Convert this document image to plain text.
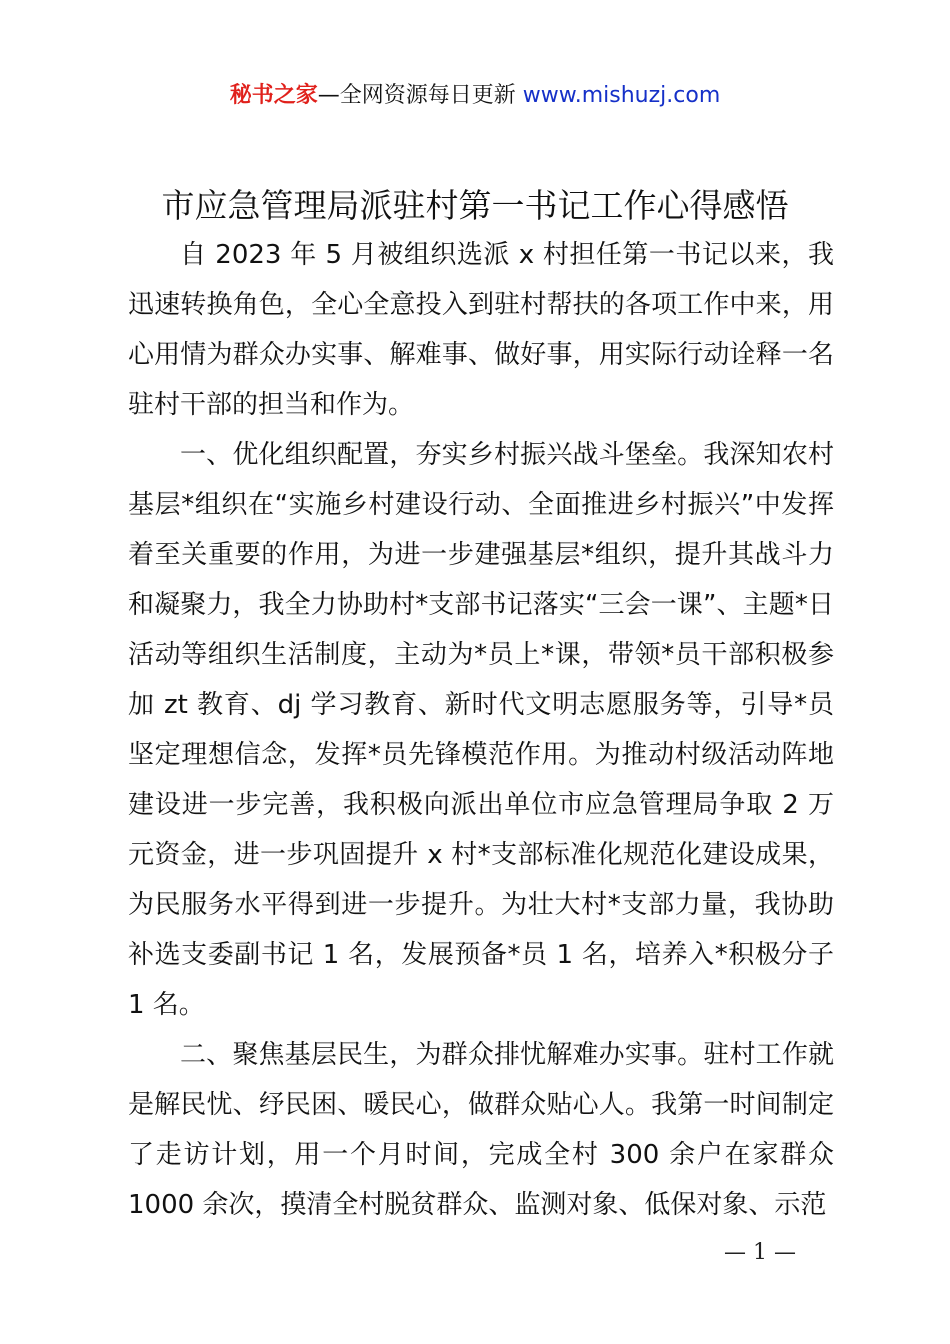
秘书之家—全网资源每日更新 www.mishuzj.com
市应急管理局派驻村第一书记工作心得感悟

自 2023 年 5 月被组织选派 x 村担任第一书记以来，我迅速转换角色，全心全意投入到驻村帮扶的各项工作中来，用心用情为群众办实事、解难事、做好事，用实际行动诠释一名驻村干部的担当和作为。

一、优化组织配置，夯实乡村振兴战斗堡垒。我深知农村基层*组织在“实施乡村建设行动、全面推进乡村振兴”中发挥着至关重要的作用，为进一步建强基层*组织，提升其战斗力和凝聚力，我全力协助村*支部书记落实“三会一课”、主题*日活动等组织生活制度，主动为*员上*课，带领*员干部积极参加 zt 教育、dj 学习教育、新时代文明志愿服务等，引导*员坚定理想信念，发挥*员先锋模范作用。为推动村级活动阵地建设进一步完善，我积极向派出单位市应急管理局争取 2 万元资金，进一步巩固提升 x 村*支部标准化规范化建设成果，为民服务水平得到进一步提升。为壮大村*支部力量，我协助补选支委副书记 1 名，发展预备*员 1 名，培养入*积极分子 1 名。

二、聚焦基层民生，为群众排忧解难办实事。驻村工作就是解民忧、纾民困、暖民心，做群众贴心人。我第一时间制定了走访计划，用一个月时间，完成全村 300 余户在家群众 1000 余次，摸清全村脱贫群众、监测对象、低保对象、示范

— 1 —
